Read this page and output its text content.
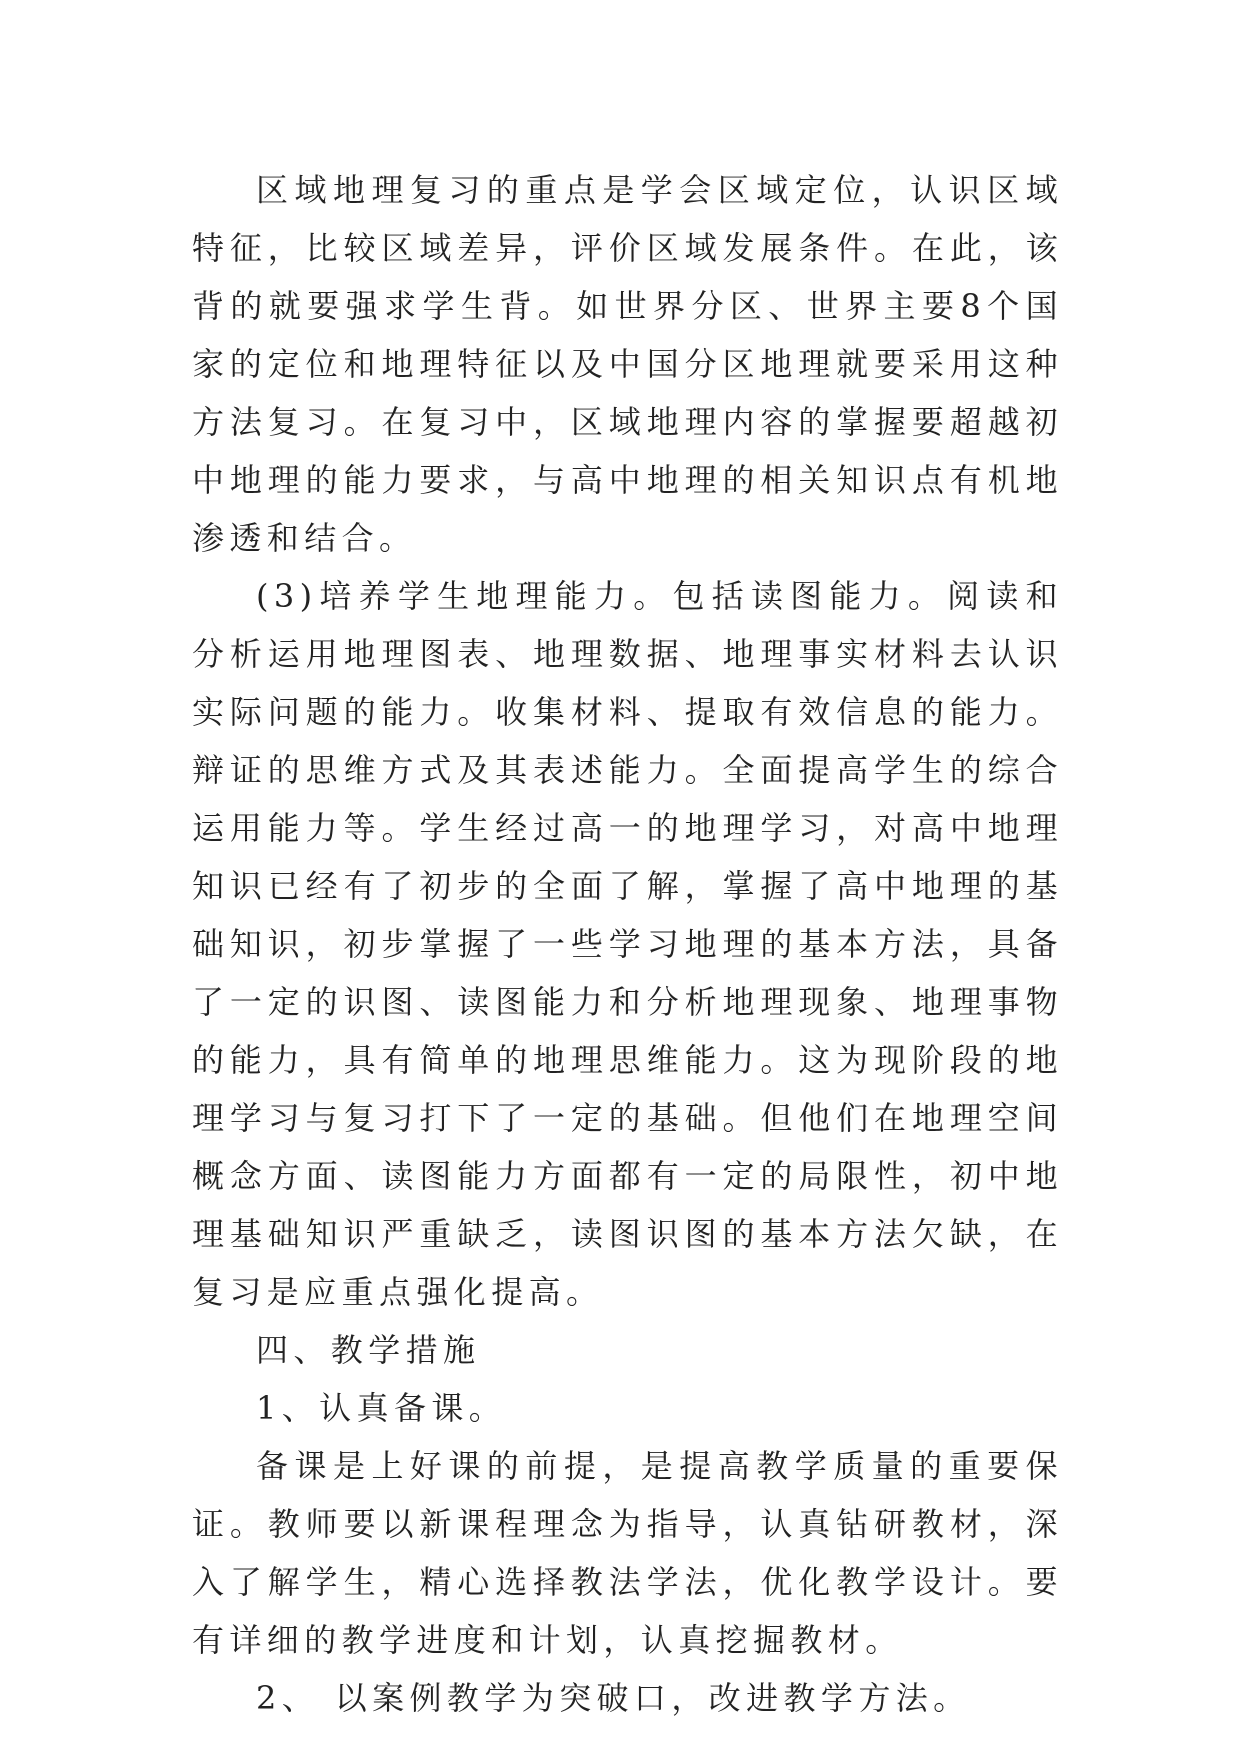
区域地理复习的重点是学会区域定位，认识区域特征，比较区域差异，评价区域发展条件。在此，该背的就要强求学生背。如世界分区、世界主要8个国家的定位和地理特征以及中国分区地理就要采用这种方法复习。在复习中，区域地理内容的掌握要超越初中地理的能力要求，与高中地理的相关知识点有机地渗透和结合。

(3)培养学生地理能力。包括读图能力。阅读和分析运用地理图表、地理数据、地理事实材料去认识实际问题的能力。收集材料、提取有效信息的能力。辩证的思维方式及其表述能力。全面提高学生的综合运用能力等。学生经过高一的地理学习，对高中地理知识已经有了初步的全面了解，掌握了高中地理的基础知识，初步掌握了一些学习地理的基本方法，具备了一定的识图、读图能力和分析地理现象、地理事物的能力，具有简单的地理思维能力。这为现阶段的地理学习与复习打下了一定的基础。但他们在地理空间概念方面、读图能力方面都有一定的局限性，初中地理基础知识严重缺乏，读图识图的基本方法欠缺，在复习是应重点强化提高。

四、教学措施

1、认真备课。

备课是上好课的前提，是提高教学质量的重要保证。教师要以新课程理念为指导，认真钻研教材，深入了解学生，精心选择教法学法，优化教学设计。要有详细的教学进度和计划，认真挖掘教材。

2、 以案例教学为突破口，改进教学方法。
